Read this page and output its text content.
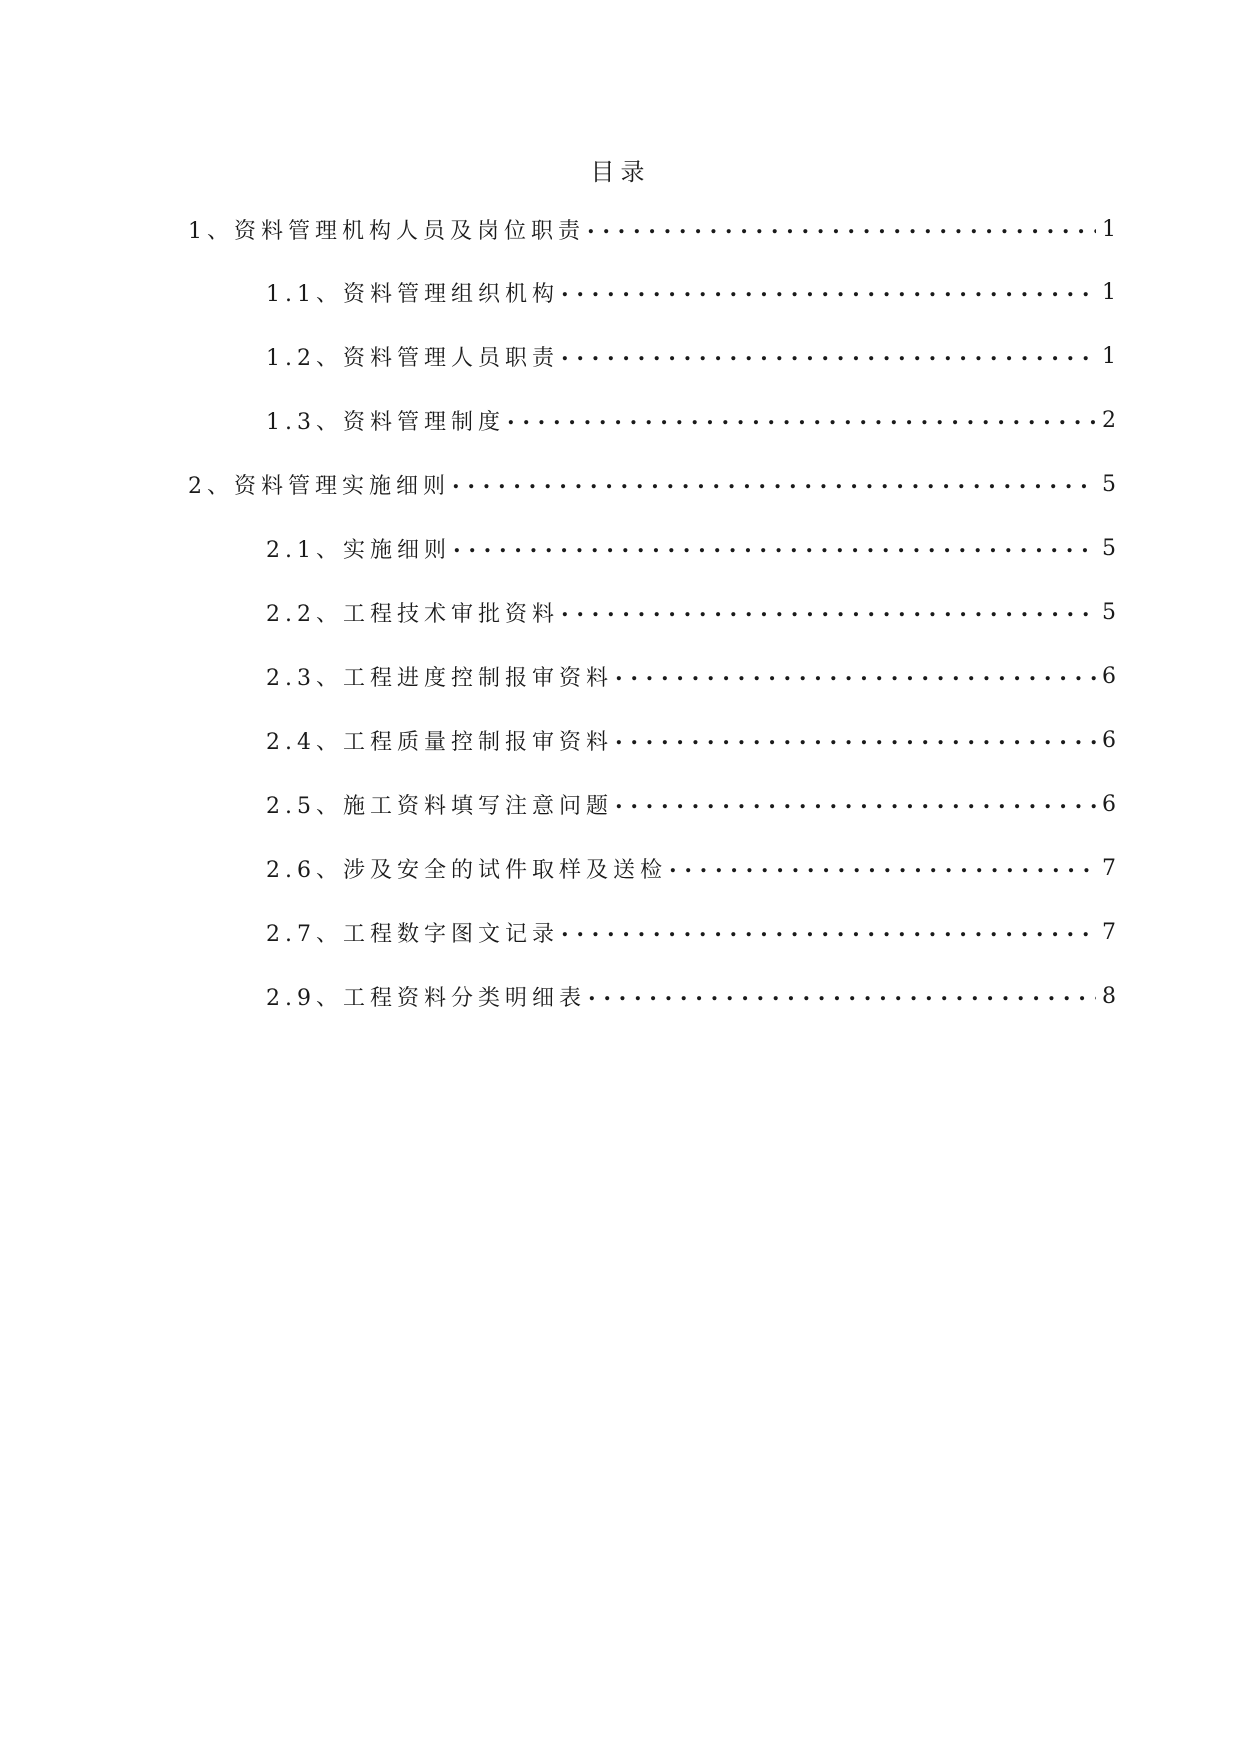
目录
1、 资料管理机构人员及岗位职责 . . .	1
1.1、 资料管理组织机构 . . .	1
1.2、 资料管理人员职责 . . .	1
1.3、 资料管理制度 . . .	2
2、 资料管理实施细则 . . .	5
2.1、 实施细则 . . .	5
2.2、 工程技术审批资料 . . .	5
2.3、 工程进度控制报审资料 . . .	6
2.4、 工程质量控制报审资料 . . .	6
2.5、 施工资料填写注意问题 . . .	6
2.6、 涉及安全的试件取样及送检 . . .	7
2.7、 工程数字图文记录 . . .	7
2.9、 工程资料分类明细表 . . .	8
